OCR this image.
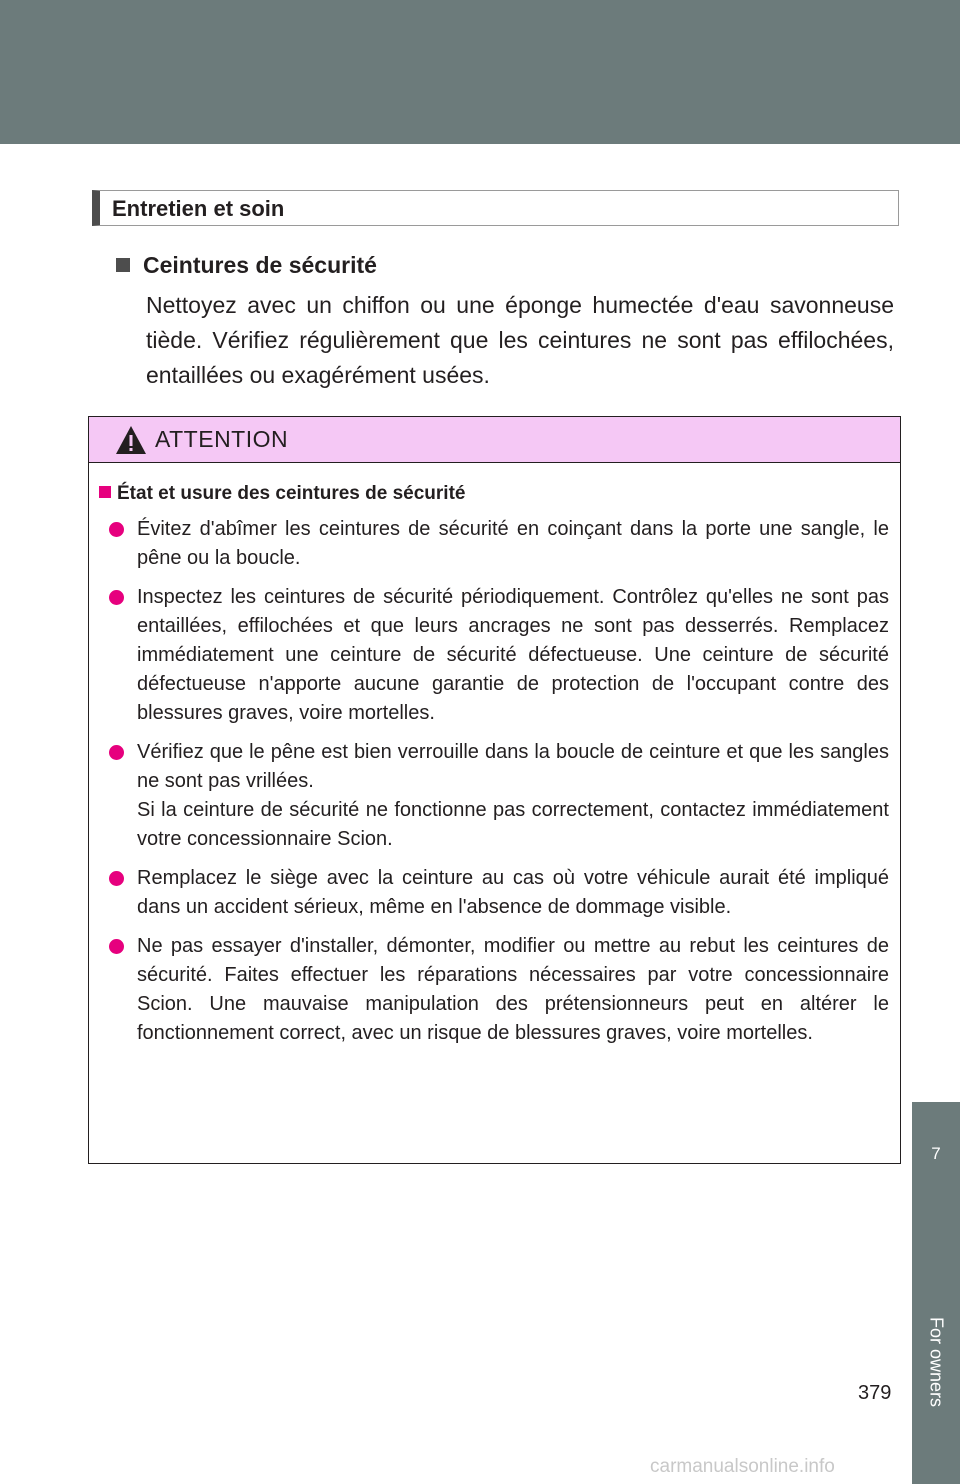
Entretien et soin
Ceintures de sécurité

Nettoyez avec un chiffon ou une éponge humectée d'eau savonneuse tiède. Vérifiez régulièrement que les ceintures ne sont pas effilochées, entaillées ou exagérément usées.

ATTENTION
État et usure des ceintures de sécurité
Évitez d'abîmer les ceintures de sécurité en coinçant dans la porte une sangle, le pêne ou la boucle.
Inspectez les ceintures de sécurité périodiquement. Contrôlez qu'elles ne sont pas entaillées, effilochées et que leurs ancrages ne sont pas desserrés. Remplacez immédiatement une ceinture de sécurité défectueuse. Une ceinture de sécurité défectueuse n'apporte aucune garantie de protection de l'occupant contre des blessures graves, voire mortelles.
Vérifiez que le pêne est bien verrouille dans la boucle de ceinture et que les sangles ne sont pas vrillées.
Si la ceinture de sécurité ne fonctionne pas correctement, contactez immédiatement votre concessionnaire Scion.
Remplacez le siège avec la ceinture au cas où votre véhicule aurait été impliqué dans un accident sérieux, même en l'absence de dommage visible.
Ne pas essayer d'installer, démonter, modifier ou mettre au rebut les ceintures de sécurité. Faites effectuer les réparations nécessaires par votre concessionnaire Scion. Une mauvaise manipulation des prétensionneurs peut en altérer le fonctionnement correct, avec un risque de blessures graves, voire mortelles.
7
For owners
379
carmanualsonline.info
